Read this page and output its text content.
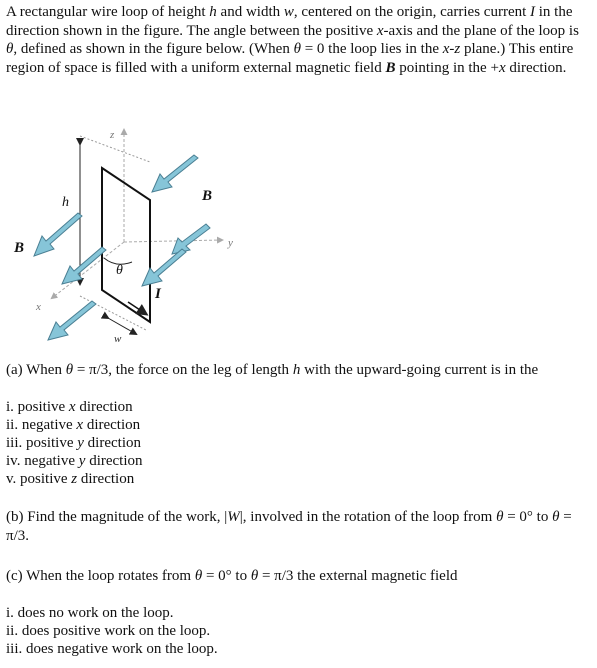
A rectangular wire loop of height h and width w, centered on the origin, carries current I in the direction shown in the figure. The angle between the positive x-axis and the plane of the loop is θ, defined as shown in the figure below. (When θ = 0 the loop lies in the x-z plane.) This entire region of space is filled with a uniform external magnetic field B pointing in the +x direction.
z
y
x
h
w
θ
I
B
B
(a) When θ = π/3, the force on the leg of length h with the upward-going current is in the
i. positive x direction
ii. negative x direction
iii. positive y direction
iv. negative y direction
v. positive z direction
(b) Find the magnitude of the work, |W|, involved in the rotation of the loop from θ = 0° to θ = π/3.
(c) When the loop rotates from θ = 0° to θ = π/3 the external magnetic field
i. does no work on the loop.
ii. does positive work on the loop.
iii. does negative work on the loop.
